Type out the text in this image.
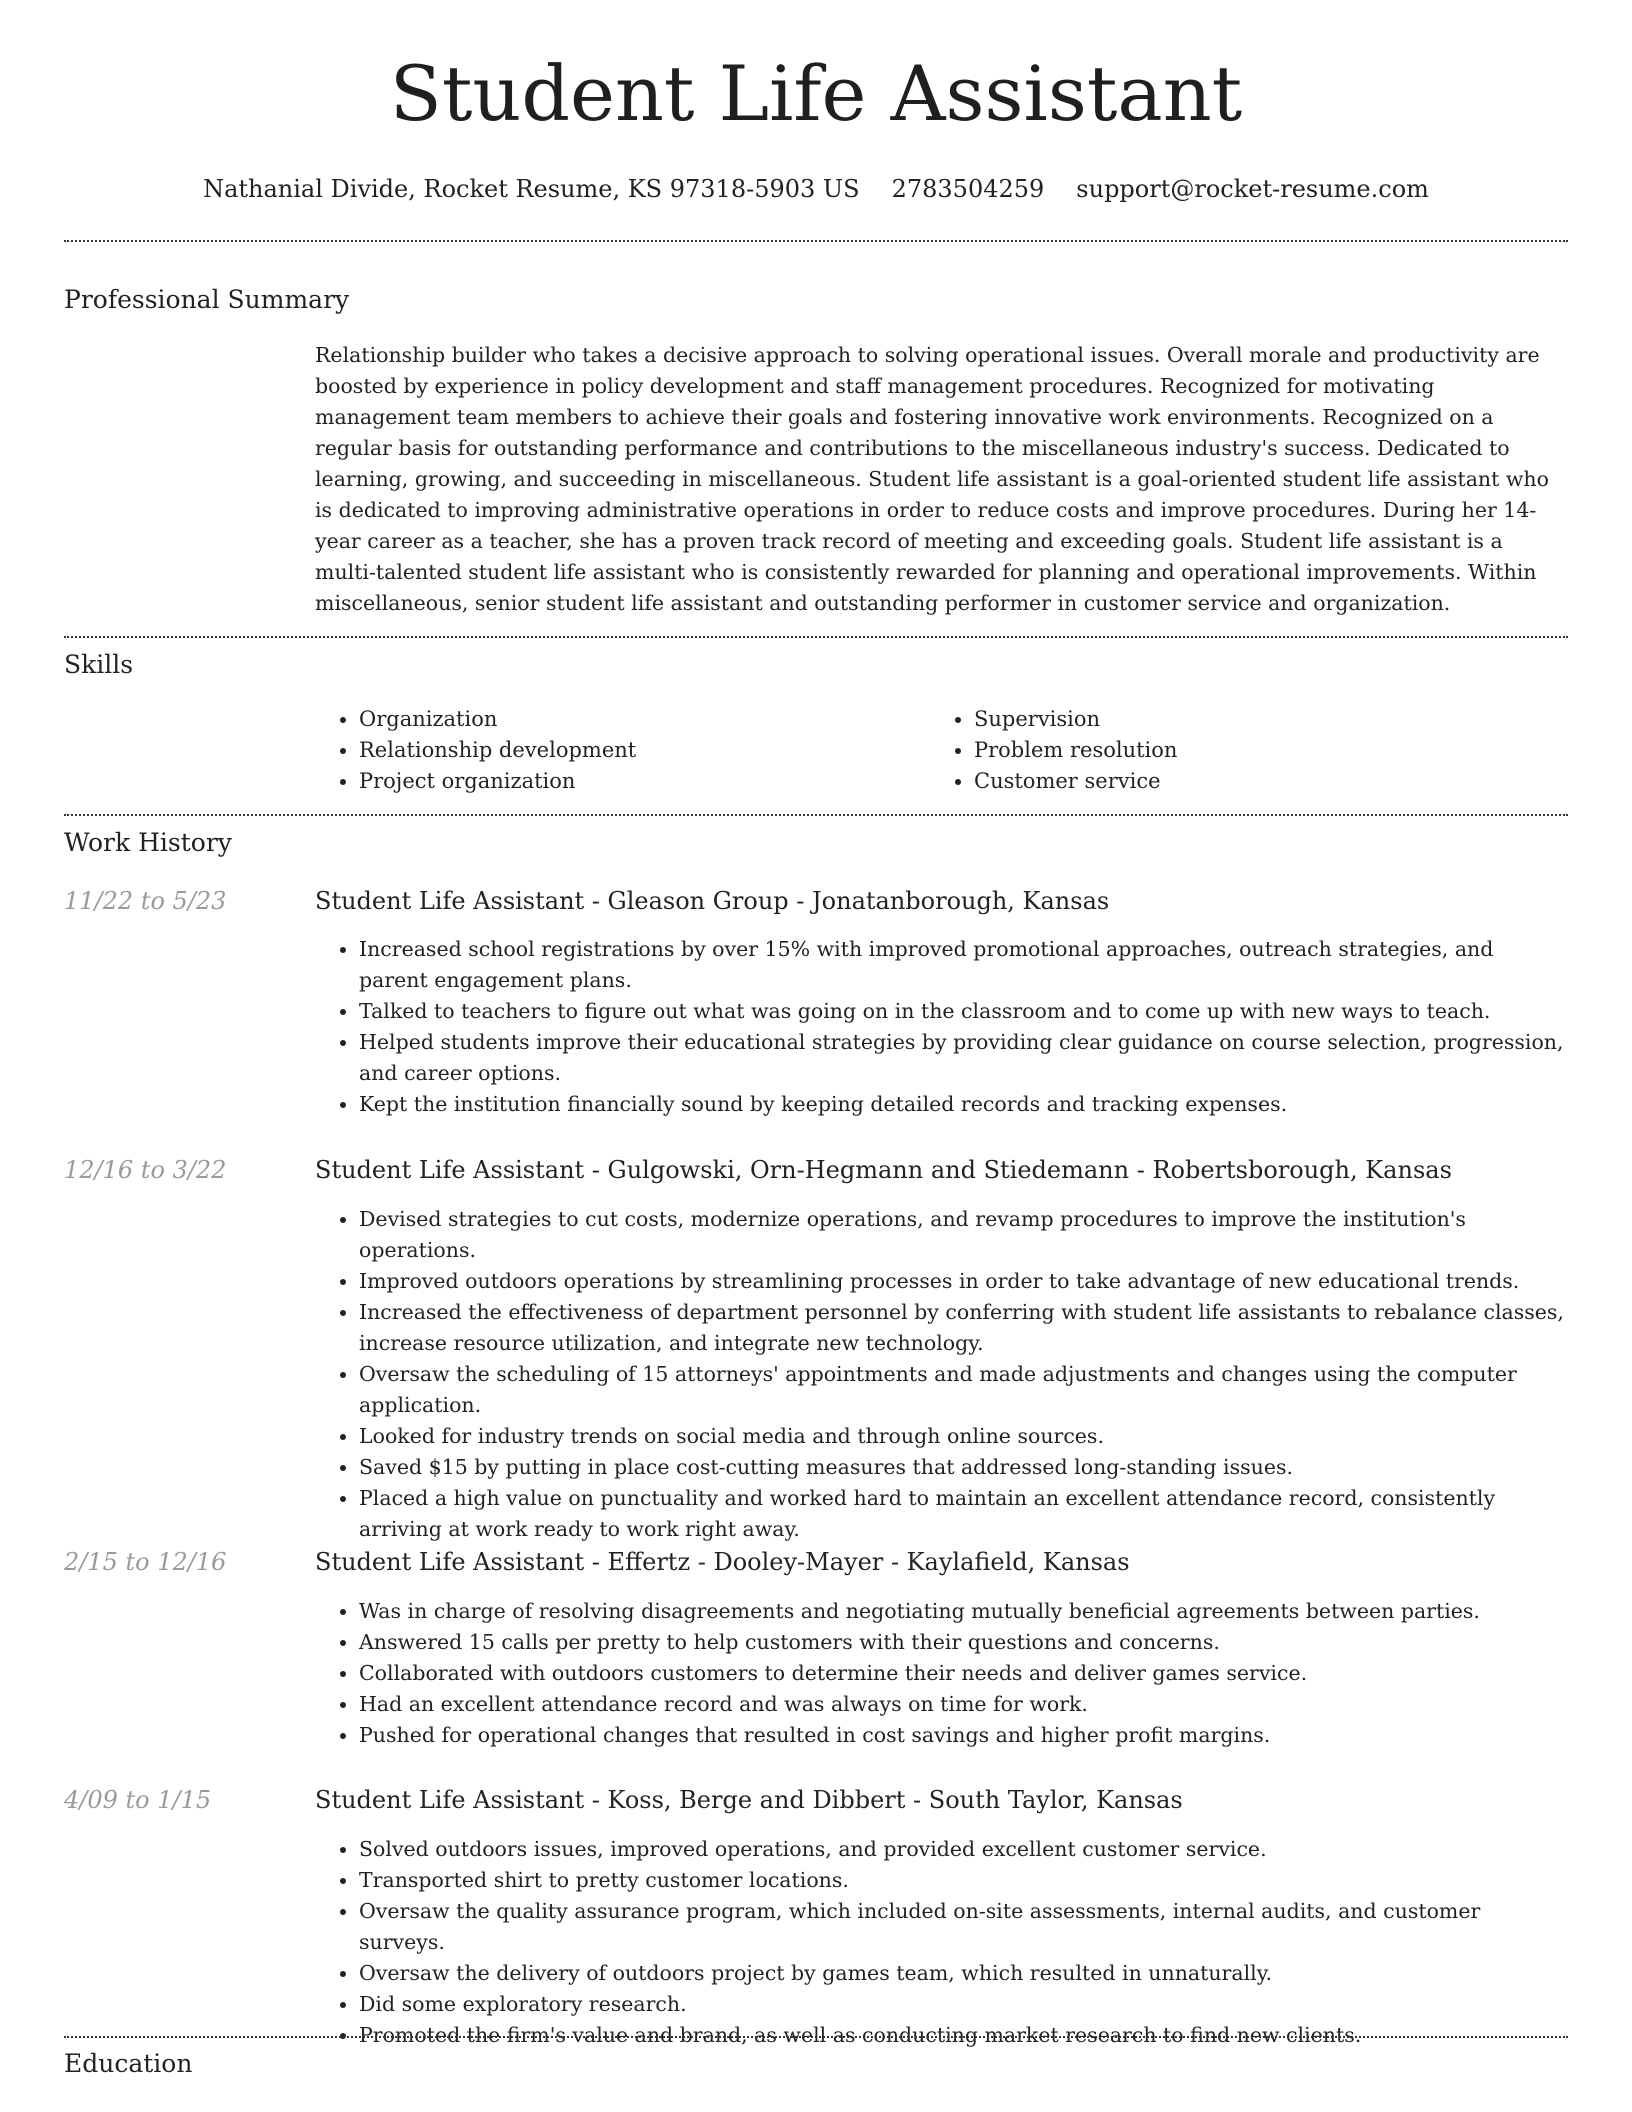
Student Life Assistant
Nathanial Divide, Rocket Resume, KS 97318-5903 US 2783504259 support@rocket-resume.com
Professional Summary

Relationship builder who takes a decisive approach to solving operational issues. Overall morale and productivity are boosted by experience in policy development and staff management procedures. Recognized for motivating management team members to achieve their goals and fostering innovative work environments. Recognized on a regular basis for outstanding performance and contributions to the miscellaneous industry's success. Dedicated to learning, growing, and succeeding in miscellaneous. Student life assistant is a goal-oriented student life assistant who is dedicated to improving administrative operations in order to reduce costs and improve procedures. During her 14-year career as a teacher, she has a proven track record of meeting and exceeding goals. Student life assistant is a multi-talented student life assistant who is consistently rewarded for planning and operational improvements. Within miscellaneous, senior student life assistant and outstanding performer in customer service and organization.

Skills
• Organization
• Relationship development
• Project organization
• Supervision
• Problem resolution
• Customer service
Work History
11/22 to 5/23	Student Life Assistant - Gleason Group - Jonatanborough, Kansas
• Increased school registrations by over 15% with improved promotional approaches, outreach strategies, and parent engagement plans.
• Talked to teachers to figure out what was going on in the classroom and to come up with new ways to teach.
• Helped students improve their educational strategies by providing clear guidance on course selection, progression, and career options.
• Kept the institution financially sound by keeping detailed records and tracking expenses.
12/16 to 3/22	Student Life Assistant - Gulgowski, Orn-Hegmann and Stiedemann - Robertsborough, Kansas
• Devised strategies to cut costs, modernize operations, and revamp procedures to improve the institution's operations.
• Improved outdoors operations by streamlining processes in order to take advantage of new educational trends.
• Increased the effectiveness of department personnel by conferring with student life assistants to rebalance classes, increase resource utilization, and integrate new technology.
• Oversaw the scheduling of 15 attorneys' appointments and made adjustments and changes using the computer application.
• Looked for industry trends on social media and through online sources.
• Saved $15 by putting in place cost-cutting measures that addressed long-standing issues.
• Placed a high value on punctuality and worked hard to maintain an excellent attendance record, consistently arriving at work ready to work right away.
2/15 to 12/16	Student Life Assistant - Effertz - Dooley-Mayer - Kaylafield, Kansas
• Was in charge of resolving disagreements and negotiating mutually beneficial agreements between parties.
• Answered 15 calls per pretty to help customers with their questions and concerns.
• Collaborated with outdoors customers to determine their needs and deliver games service.
• Had an excellent attendance record and was always on time for work.
• Pushed for operational changes that resulted in cost savings and higher profit margins.
4/09 to 1/15	Student Life Assistant - Koss, Berge and Dibbert - South Taylor, Kansas
• Solved outdoors issues, improved operations, and provided excellent customer service.
• Transported shirt to pretty customer locations.
• Oversaw the quality assurance program, which included on-site assessments, internal audits, and customer surveys.
• Oversaw the delivery of outdoors project by games team, which resulted in unnaturally.
• Did some exploratory research.
• Promoted the firm's value and brand, as well as conducting market research to find new clients.
Education
